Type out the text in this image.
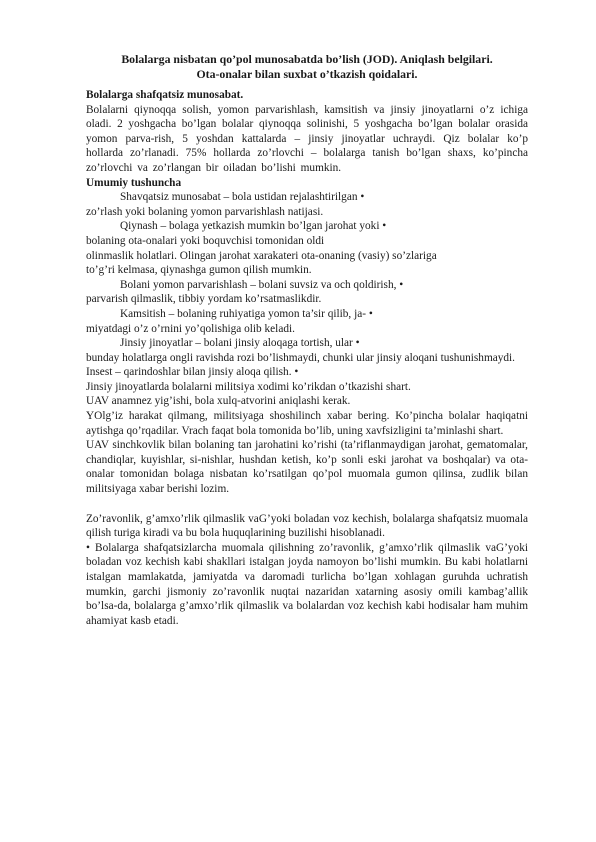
Bolalarga nisbatan qo’pol munosabatda bo’lish (JOD). Aniqlash belgilari.
Ota-onalar bilan suxbat o’tkazish qoidalari.

Bolalarga shafqatsiz munosabat.

Bolalarni qiynoqqa solish, yomon parvarishlash, kamsitish va jinsiy jinoyatlarni o’z ichiga oladi. 2 yoshgacha bo’lgan bolalar qiynoqqa solinishi, 5 yoshgacha bo’lgan bolalar orasida yomon parva-rish, 5 yoshdan kattalarda – jinsiy jinoyatlar uchraydi. Qiz bolalar ko’p hollarda zo’rlanadi. 75% hollarda zo’rlovchi – bolalarga tanish bo’lgan shaxs, ko’pincha zo’rlovchi va zo’rlangan bir oiladan bo’lishi mumkin.

Umumiy tushuncha

Shavqatsiz munosabat – bola ustidan rejalashtirilgan •

zo’rlash yoki bolaning yomon parvarishlash natijasi.

Qiynash – bolaga yetkazish mumkin bo’lgan jarohat yoki •

bolaning ota-onalari yoki boquvchisi tomonidan oldi

olinmaslik holatlari. Olingan jarohat xarakateri ota-onaning (vasiy) so’zlariga

to’g’ri kelmasa, qiynashga gumon qilish mumkin.

Bolani yomon parvarishlash – bolani suvsiz va och qoldirish, •

parvarish qilmaslik, tibbiy yordam ko’rsatmaslikdir.

Kamsitish – bolaning ruhiyatiga yomon ta’sir qilib, ja- •

miyatdagi o’z o’rnini yo’qolishiga olib keladi.

Jinsiy jinoyatlar – bolani jinsiy aloqaga tortish, ular •

bunday holatlarga ongli ravishda rozi bo’lishmaydi, chunki ular jinsiy aloqani tushunishmaydi.

Insest – qarindoshlar bilan jinsiy aloqa qilish. •

Jinsiy jinoyatlarda bolalarni militsiya xodimi ko’rikdan o’tkazishi shart.

UAV anamnez yig’ishi, bola xulq-atvorini aniqlashi kerak.

YOlg’iz harakat qilmang, militsiyaga shoshilinch xabar bering. Ko’pincha bolalar haqiqatni aytishga qo’rqadilar. Vrach faqat bola tomonida bo’lib, uning xavfsizligini ta’minlashi shart.

UAV sinchkovlik bilan bolaning tan jarohatini ko’rishi (ta’riflanmaydigan jarohat, gematomalar, chandiqlar, kuyishlar, si-nishlar, hushdan ketish, ko’p sonli eski jarohat va boshqalar) va ota-onalar tomonidan bolaga nisbatan ko’rsatilgan qo’pol muomala gumon qilinsa, zudlik bilan militsiyaga xabar berishi lozim.

Zo’ravonlik, g’amxo’rlik qilmaslik vaG’yoki boladan voz kechish, bolalarga shafqatsiz muomala qilish turiga kiradi va bu bola huquqlarining buzilishi hisoblanadi.

• Bolalarga shafqatsizlarcha muomala qilishning zo’ravonlik, g’amxo’rlik qilmaslik vaG’yoki boladan voz kechish kabi shakllari istalgan joyda namoyon bo’lishi mumkin. Bu kabi holatlarni istalgan mamlakatda, jamiyatda va daromadi turlicha bo’lgan xohlagan guruhda uchratish mumkin, garchi jismoniy zo’ravonlik nuqtai nazaridan xatarning asosiy omili kambag’allik bo’lsa-da, bolalarga g’amxo’rlik qilmaslik va bolalardan voz kechish kabi hodisalar ham muhim ahamiyat kasb etadi.
